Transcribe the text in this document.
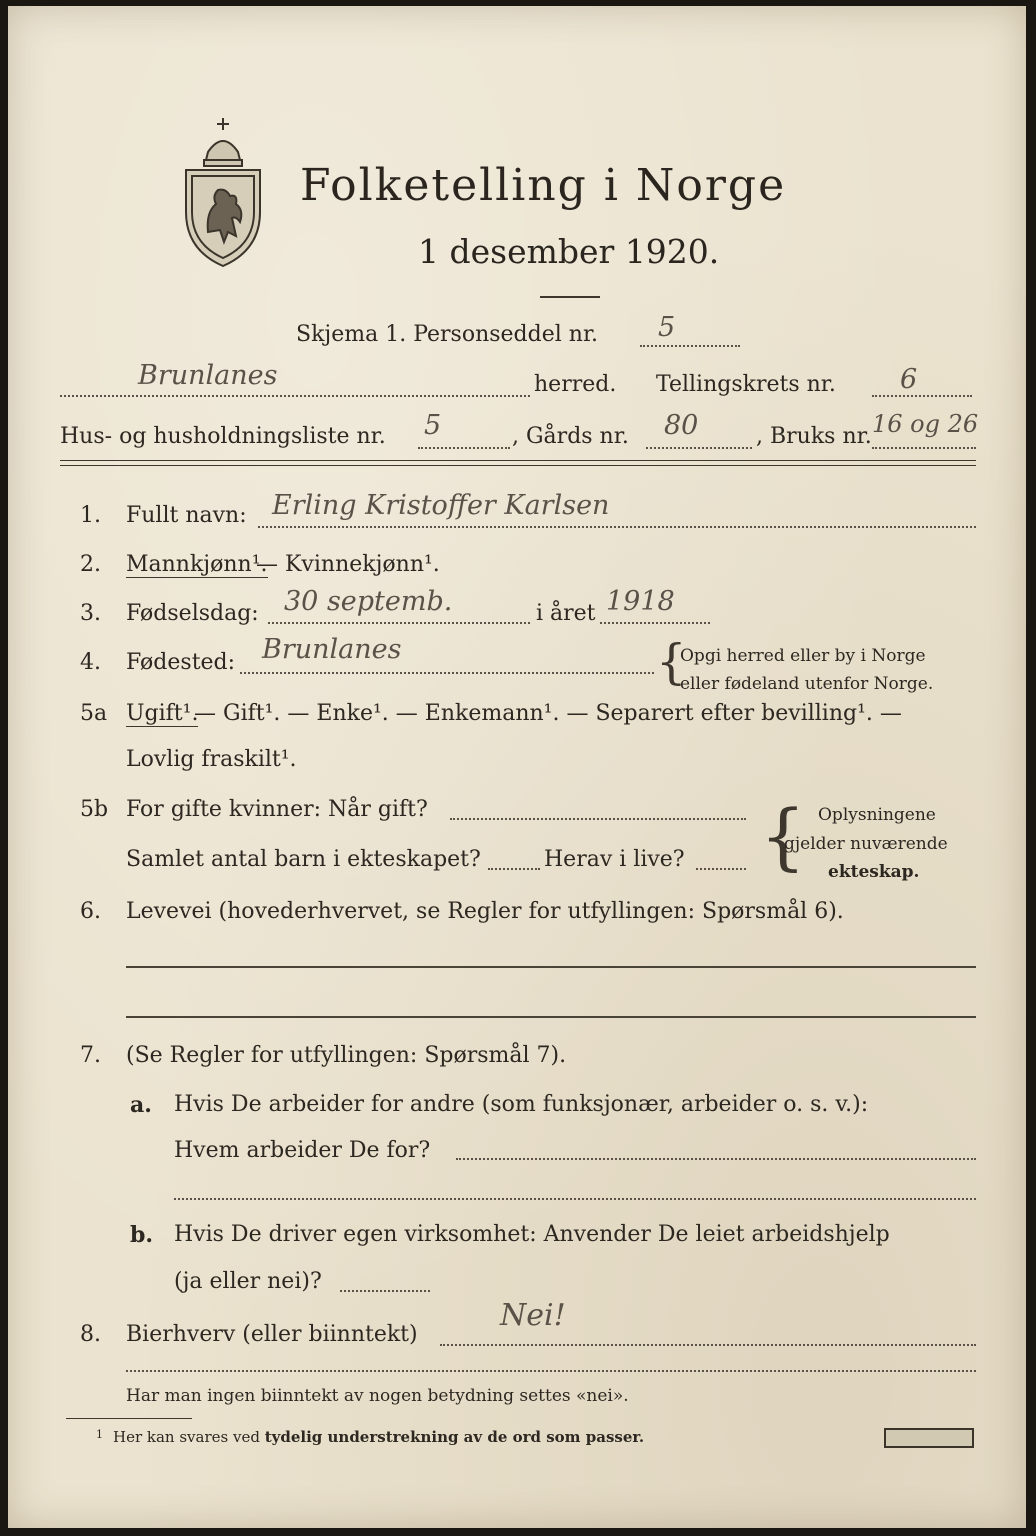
Folketelling i Norge
1 desember 1920.
Skjema 1. Personseddel nr. 5
Brunlanes	herred. Tellingskrets nr. 6
Hus- og husholdningsliste nr. 5	, Gårds nr. 80	, Bruks nr. 16 og 26
1. Fullt navn: Erling Kristoffer Karlsen
2. Mannkjønn¹.
— Kvinnekjønn¹.
3. Fødselsdag: 30 septemb.	i året 1918
4. Fødested: Brunlanes	{
Opgi herred eller by i Norge
eller fødeland utenfor Norge.
5a Ugift¹.
— Gift¹. — Enke¹. — Enkemann¹. — Separert efter bevilling¹. —
Lovlig fraskilt¹.
5b For gifte kvinner: Når gift?
Samlet antal barn i ekteskapet?	Herav i live? { Oplysningene
gjelder nuværende
ekteskap.
6. Levevei (hovederhvervet, se Regler for utfyllingen: Spørsmål 6).
7. (Se Regler for utfyllingen: Spørsmål 7).
a. Hvis De arbeider for andre (som funksjonær, arbeider o. s. v.):
Hvem arbeider De for?
b. Hvis De driver egen virksomhet: Anvender De leiet arbeidshjelp
(ja eller nei)?
8. Bierhverv (eller biinntekt)
Nei!
Har man ingen biinntekt av nogen betydning settes «nei».
$^1$ Her kan svares ved tydelig understrekning av de ord som passer.
